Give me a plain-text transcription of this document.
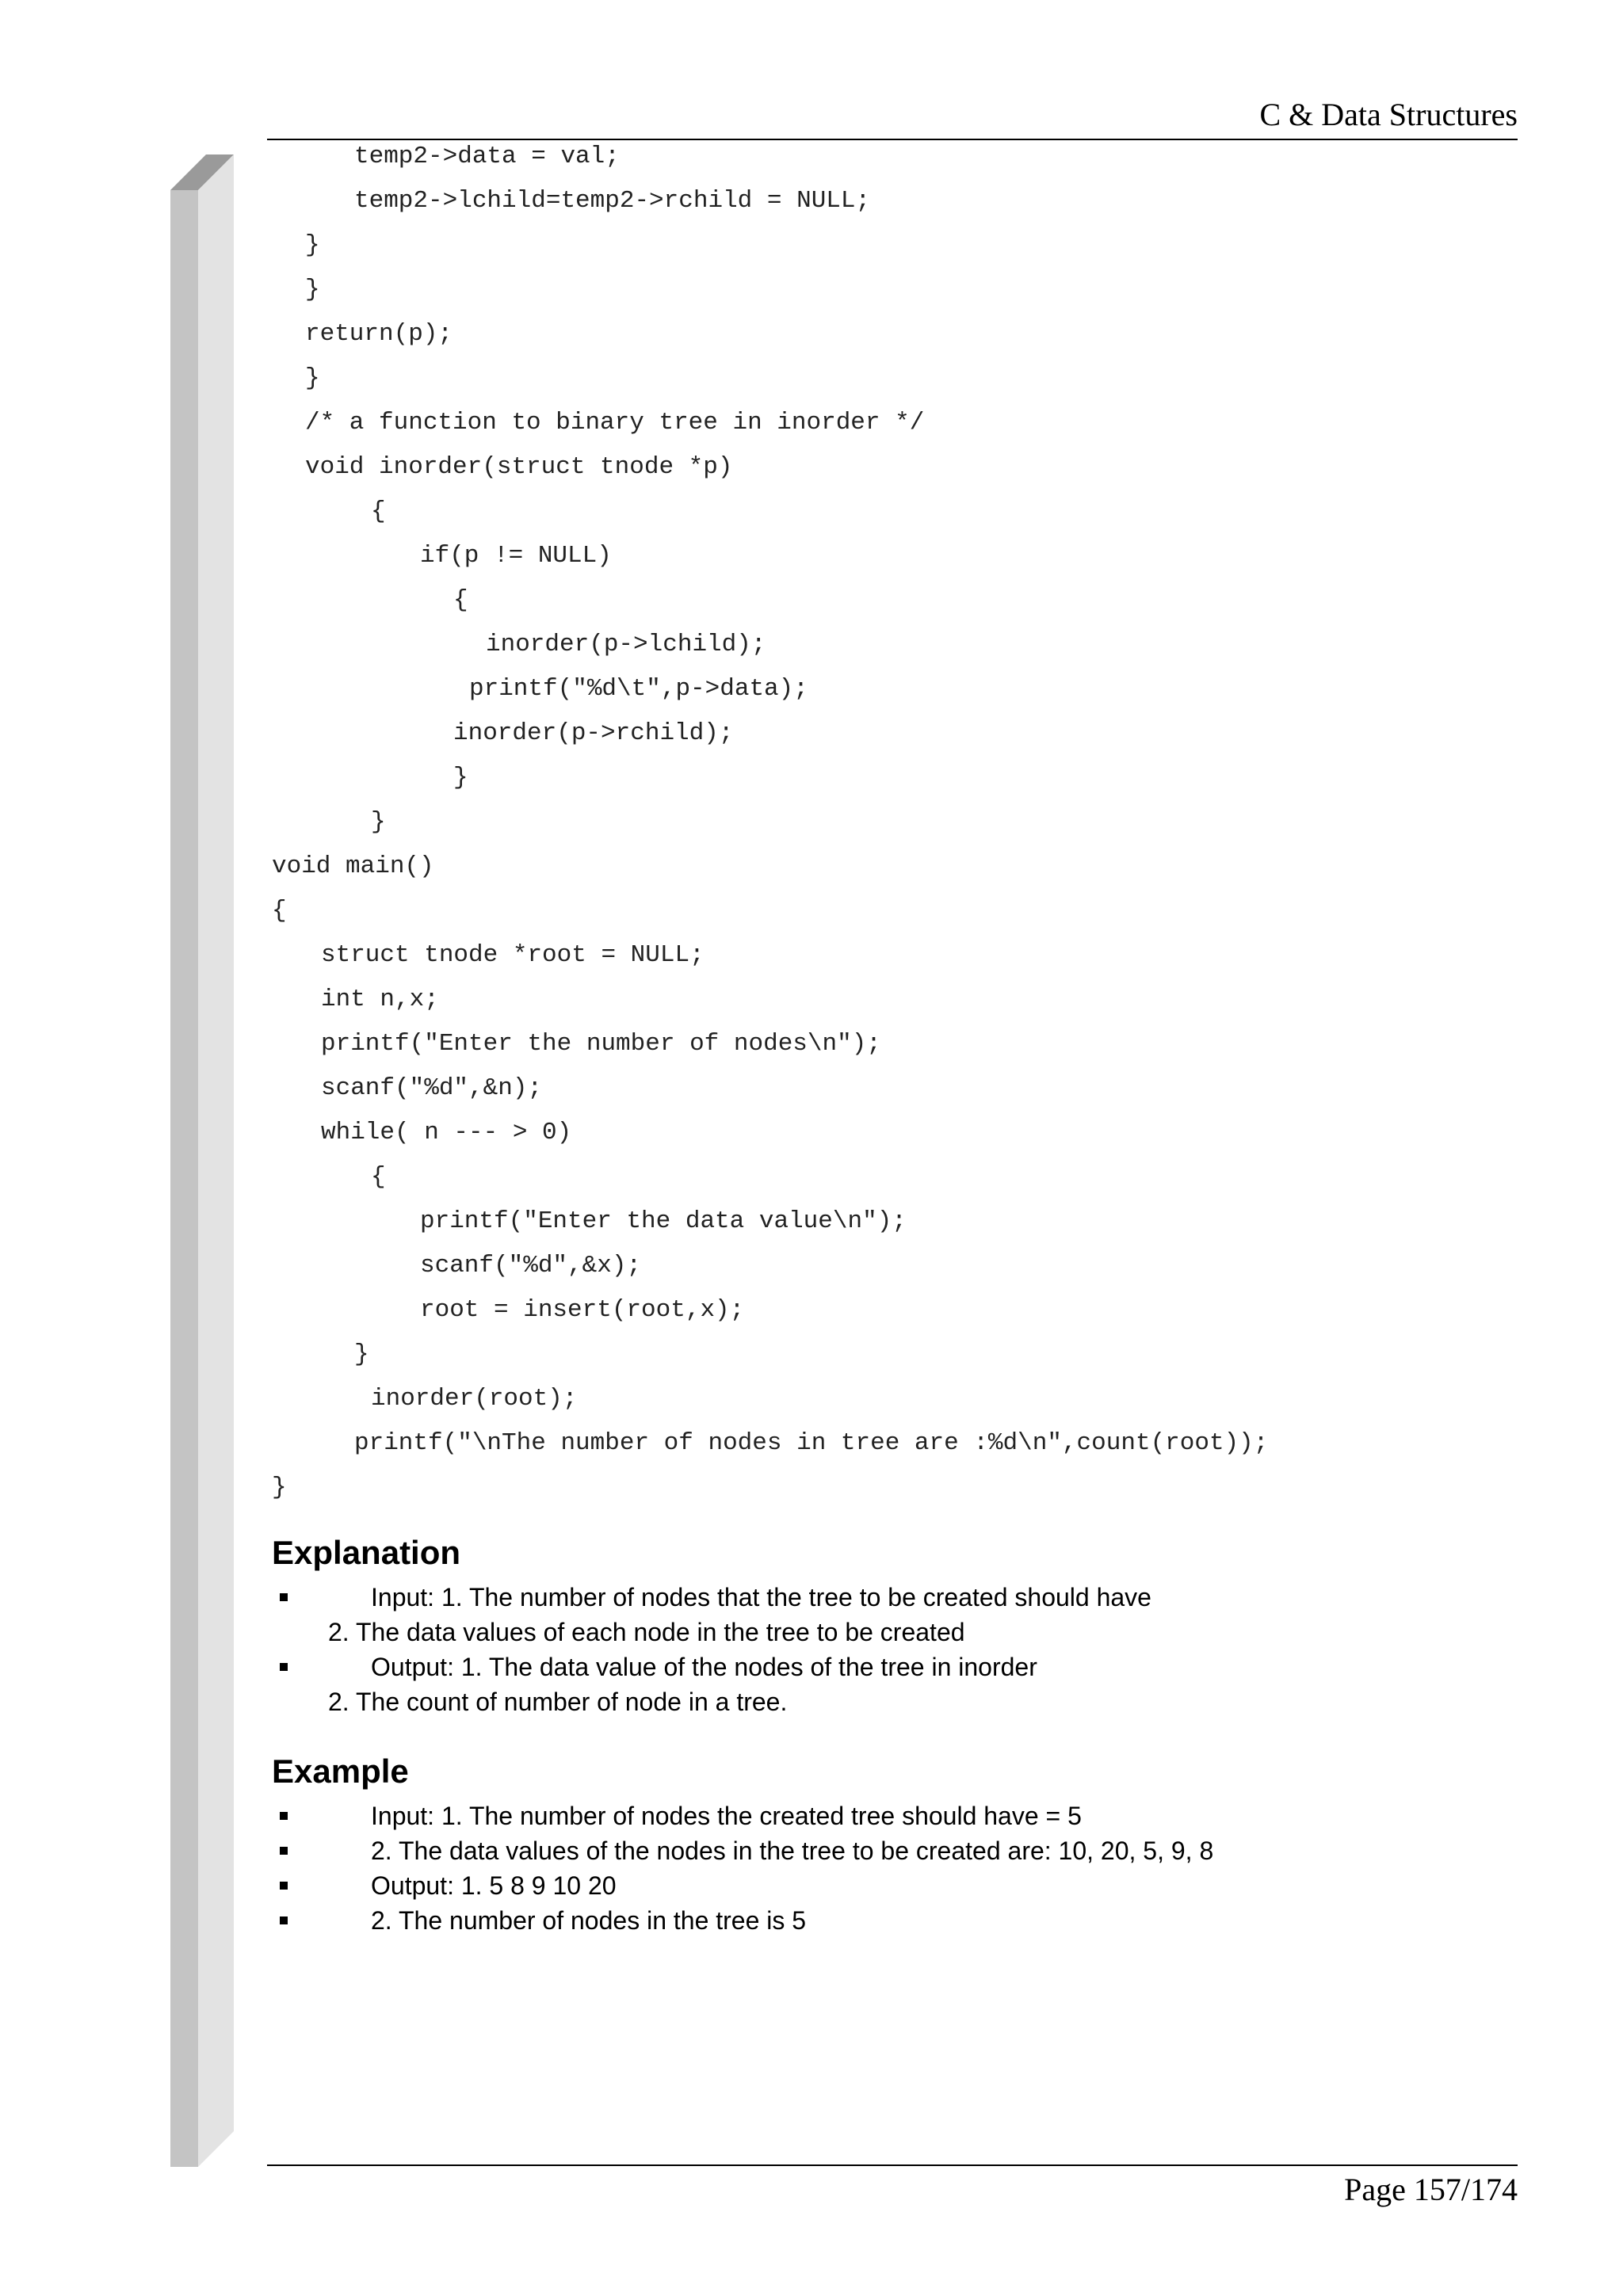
C & Data Structures
temp2->data = val;
temp2->lchild=temp2->rchild = NULL;
}
}
return(p);
}
/* a function to binary tree in inorder */
void inorder(struct tnode *p)
{
if(p != NULL)
{
inorder(p->lchild);
printf("%d\t",p->data);
inorder(p->rchild);
}
}
void main()
{
struct tnode *root = NULL;
int n,x;
printf("Enter the number of nodes\n");
scanf("%d",&n);
while( n --- > 0)
{
printf("Enter the data value\n");
scanf("%d",&x);
root = insert(root,x);
}
inorder(root);
printf("\nThe number of nodes in tree are :%d\n",count(root));
}
Explanation
Input: 1. The number of nodes that the tree to be created should have
2. The data values of each node in the tree to be created
Output: 1. The data value of the nodes of the tree in inorder
2. The count of number of node in a tree.
Example
Input: 1. The number of nodes the created tree should have = 5
2. The data values of the nodes in the tree to be created are: 10, 20, 5, 9, 8
Output: 1. 5 8 9 10 20
2. The number of nodes in the tree is 5
Page 157/174
